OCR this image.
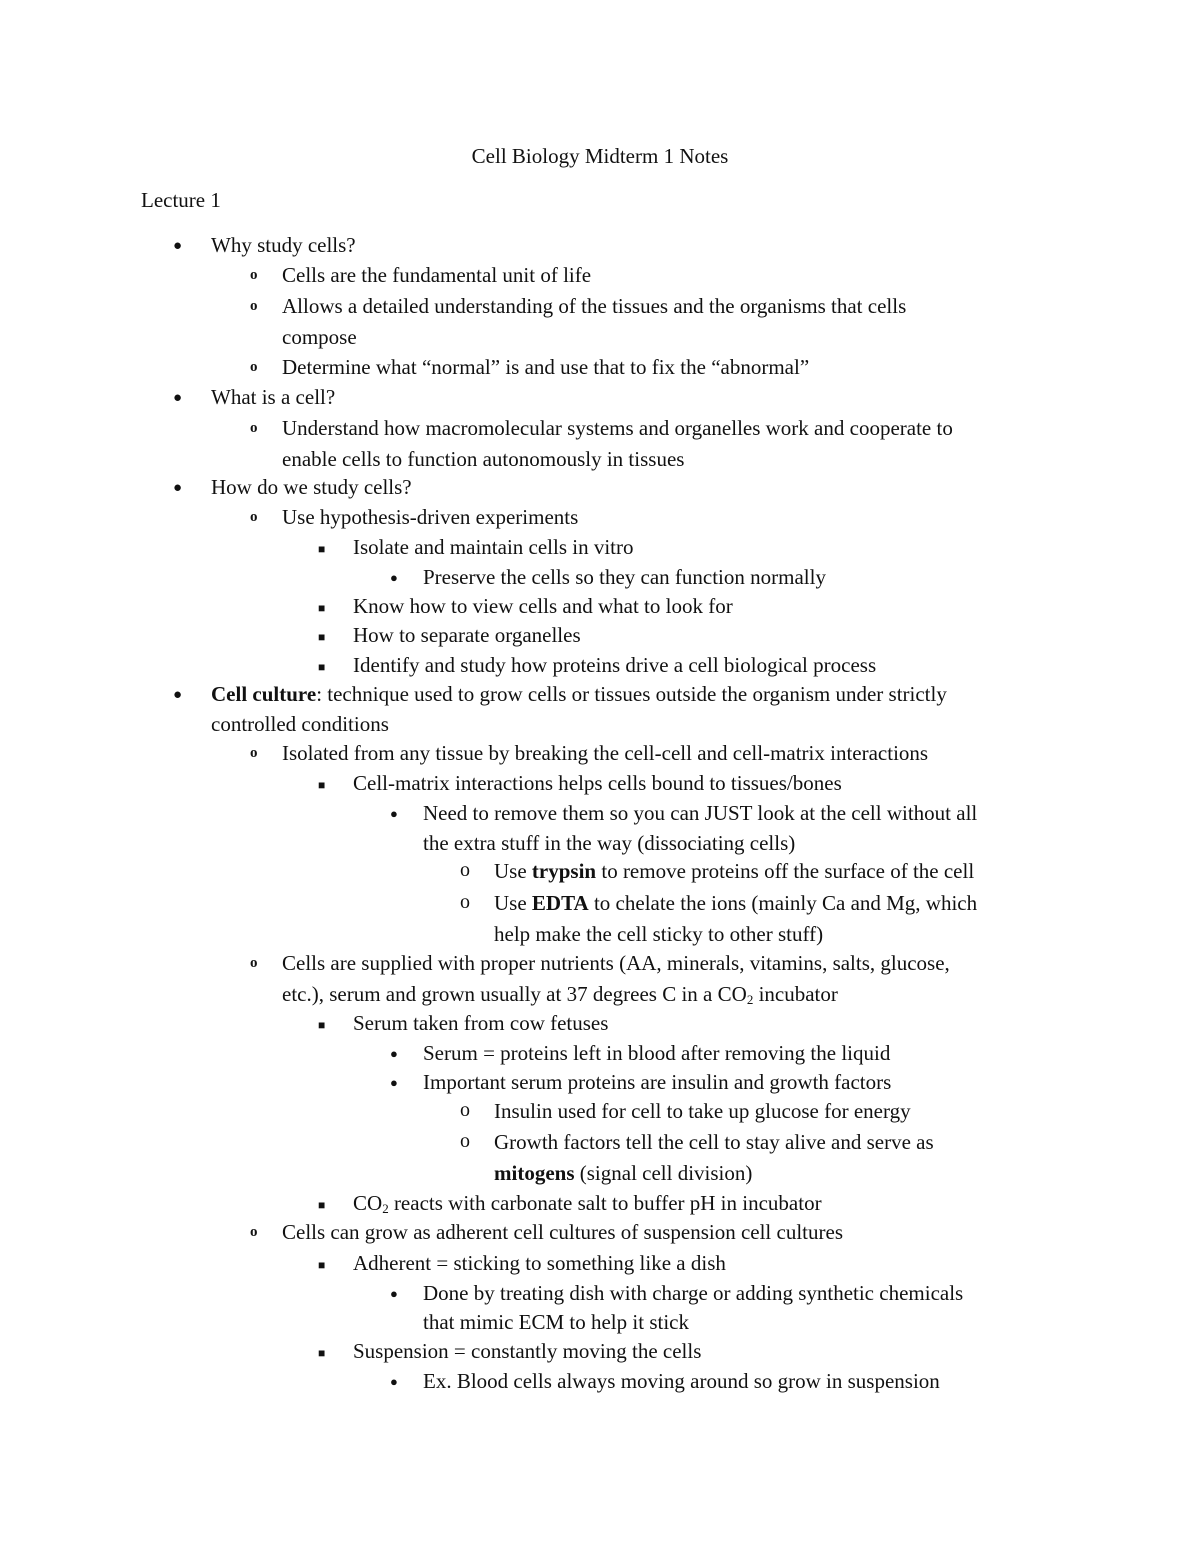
Cell Biology Midterm 1 Notes
Lecture 1
● Why study cells?
o Cells are the fundamental unit of life
o Allows a detailed understanding of the tissues and the organisms that cells
compose
o Determine what “normal” is and use that to fix the “abnormal”
● What is a cell?
o Understand how macromolecular systems and organelles work and cooperate to
enable cells to function autonomously in tissues
● How do we study cells?
o Use hypothesis-driven experiments
■ Isolate and maintain cells in vitro
● Preserve the cells so they can function normally
■ Know how to view cells and what to look for
■ How to separate organelles
■ Identify and study how proteins drive a cell biological process
● Cell culture: technique used to grow cells or tissues outside the organism under strictly
controlled conditions
o Isolated from any tissue by breaking the cell-cell and cell-matrix interactions
■ Cell-matrix interactions helps cells bound to tissues/bones
● Need to remove them so you can JUST look at the cell without all
the extra stuff in the way (dissociating cells)
o Use trypsin to remove proteins off the surface of the cell
o Use EDTA to chelate the ions (mainly Ca and Mg, which
help make the cell sticky to other stuff)
o Cells are supplied with proper nutrients (AA, minerals, vitamins, salts, glucose,
etc.), serum and grown usually at 37 degrees C in a $CO_2$ incubator
■ Serum taken from cow fetuses
● Serum = proteins left in blood after removing the liquid
● Important serum proteins are insulin and growth factors
o Insulin used for cell to take up glucose for energy
o Growth factors tell the cell to stay alive and serve as
mitogens (signal cell division)
■ $CO_2$ reacts with carbonate salt to buffer pH in incubator
o Cells can grow as adherent cell cultures of suspension cell cultures
■ Adherent = sticking to something like a dish
● Done by treating dish with charge or adding synthetic chemicals
that mimic ECM to help it stick
■ Suspension = constantly moving the cells
● Ex. Blood cells always moving around so grow in suspension
